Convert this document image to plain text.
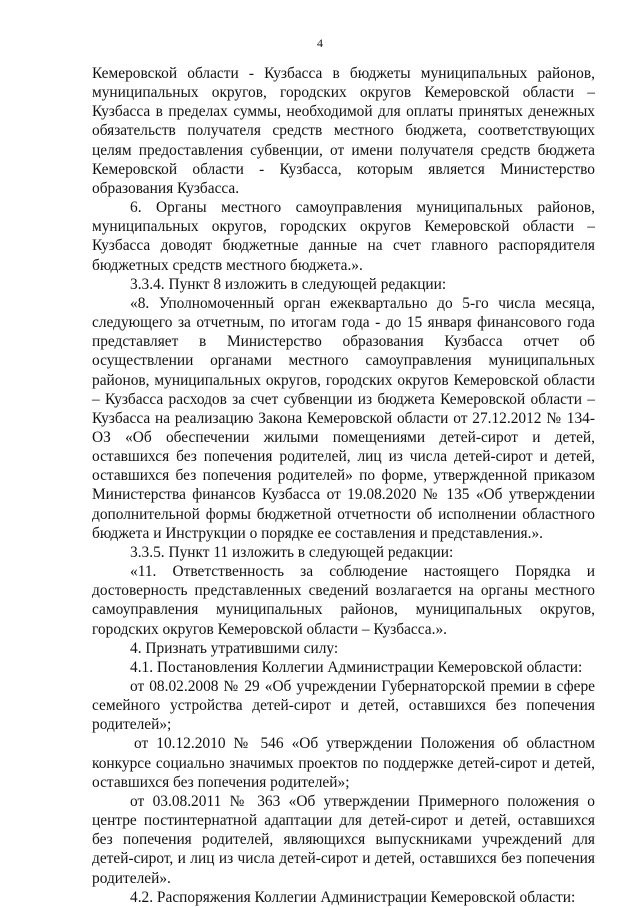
4

Кемеровской области - Кузбасса в бюджеты муниципальных районов, муниципальных округов, городских округов Кемеровской области – Кузбасса в пределах суммы, необходимой для оплаты принятых денежных обязательств получателя средств местного бюджета, соответствующих целям предоставления субвенции, от имени получателя средств бюджета Кемеровской области - Кузбасса, которым является Министерство образования Кузбасса.

6. Органы местного самоуправления муниципальных районов, муниципальных округов, городских округов Кемеровской области – Кузбасса доводят бюджетные данные на счет главного распорядителя бюджетных средств местного бюджета.».

3.3.4. Пункт 8 изложить в следующей редакции:

«8. Уполномоченный орган ежеквартально до 5-го числа месяца, следующего за отчетным, по итогам года - до 15 января финансового года представляет в Министерство образования Кузбасса отчет об осуществлении органами местного самоуправления муниципальных районов, муниципальных округов, городских округов Кемеровской области – Кузбасса расходов за счет субвенции из бюджета Кемеровской области – Кузбасса на реализацию Закона Кемеровской области от 27.12.2012 № 134-ОЗ «Об обеспечении жилыми помещениями детей-сирот и детей, оставшихся без попечения родителей, лиц из числа детей-сирот и детей, оставшихся без попечения родителей» по форме, утвержденной приказом Министерства финансов Кузбасса от 19.08.2020 № 135 «Об утверждении дополнительной формы бюджетной отчетности об исполнении областного бюджета и Инструкции о порядке ее составления и представления.».

3.3.5. Пункт 11 изложить в следующей редакции:

«11. Ответственность за соблюдение настоящего Порядка и достоверность представленных сведений возлагается на органы местного самоуправления муниципальных районов, муниципальных округов, городских округов Кемеровской области – Кузбасса.».

4. Признать утратившими силу:

4.1. Постановления Коллегии Администрации Кемеровской области:

от 08.02.2008 № 29 «Об учреждении Губернаторской премии в сфере семейного устройства детей-сирот и детей, оставшихся без попечения родителей»;

от 10.12.2010 № 546 «Об утверждении Положения об областном конкурсе социально значимых проектов по поддержке детей-сирот и детей, оставшихся без попечения родителей»;

от 03.08.2011 № 363 «Об утверждении Примерного положения о центре постинтернатной адаптации для детей-сирот и детей, оставшихся без попечения родителей, являющихся выпускниками учреждений для детей-сирот, и лиц из числа детей-сирот и детей, оставшихся без попечения родителей».

4.2. Распоряжения Коллегии Администрации Кемеровской области:
